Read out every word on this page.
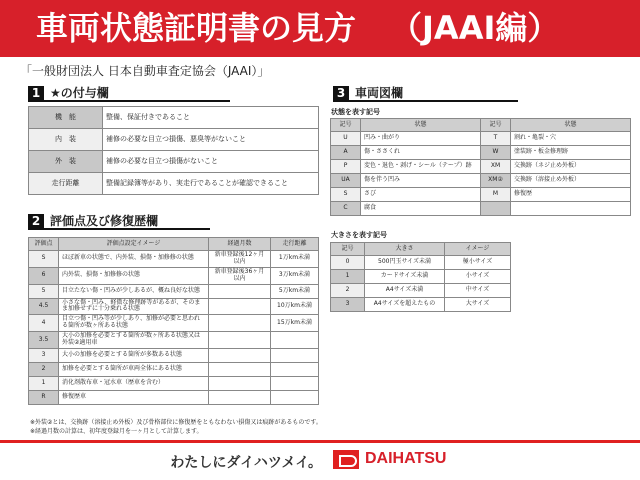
車両状態証明書の見方 （JAAI編）
「一般財団法人 日本自動車査定協会（JAAI）」
1 ★の付与欄
機　能	整備、保証付きであること
内　装	補修の必要な目立つ損傷、悪臭等がないこと
外　装	補修の必要な目立つ損傷がないこと
走行距離	整備記録簿等があり、実走行であることが確認できること
2 評価点及び修復歴欄
評価点	評価点設定イメージ	経過月数	走行距離
S	ほぼ新車の状態で、内外装、損傷・加修修の状態	新車登録後12ヶ月以内	1万km未満
6	内外装、損傷・加修修の状態	新車登録後36ヶ月以内	3万km未満
5	目立たない傷・凹みが少しあるが、概ね良好な状態		5万km未満
4.5	小さな傷・凹み、軽微な修理跡等があるが、そのまま加修せずに十分乗れる状態		10万km未満
4	目立つ傷・凹み等が少しあり、加修が必要と思われる箇所が数ヶ所ある状態		15万km未満
3.5	大小の加修を必要とする箇所が数ヶ所ある状態又は外装②適用車		
3	大小の加修を必要とする箇所が多数ある状態		
2	加修を必要とする箇所が車両全体にある状態		
1	消化剤散布車・冠水車（歴車を含む）		
R	修復歴車		
3 車両図欄
状態を表す記号
記号	状態	記号	状態
U	凹み・曲がり	T	割れ・亀裂・穴
A	傷・ささくれ	W	塗装跡・板金修理跡
P	変色・退色・剥げ・シール（テープ）跡	XM	交換跡（ネジ止め外板）
UA	傷を伴う凹み	XM②	交換跡（溶接止め外板）
S	さび	M	修復歴
C	腐食		
大きさを表す記号
記号	大きさ	イメージ
0	500円玉サイズ未満	極小サイズ
1	カードサイズ未満	小サイズ
2	A4サイズ未満	中サイズ
3	A4サイズを超えたもの	大サイズ
※外装②とは、交換跡（溶接止め外板）及び骨格部位に修復歴をともなわない損傷又は痕跡があるものです。
※経過月数の計算は、初年度登録月を一ヶ月として計算します。
わたしにダイハツメイ。	DAIHATSU
